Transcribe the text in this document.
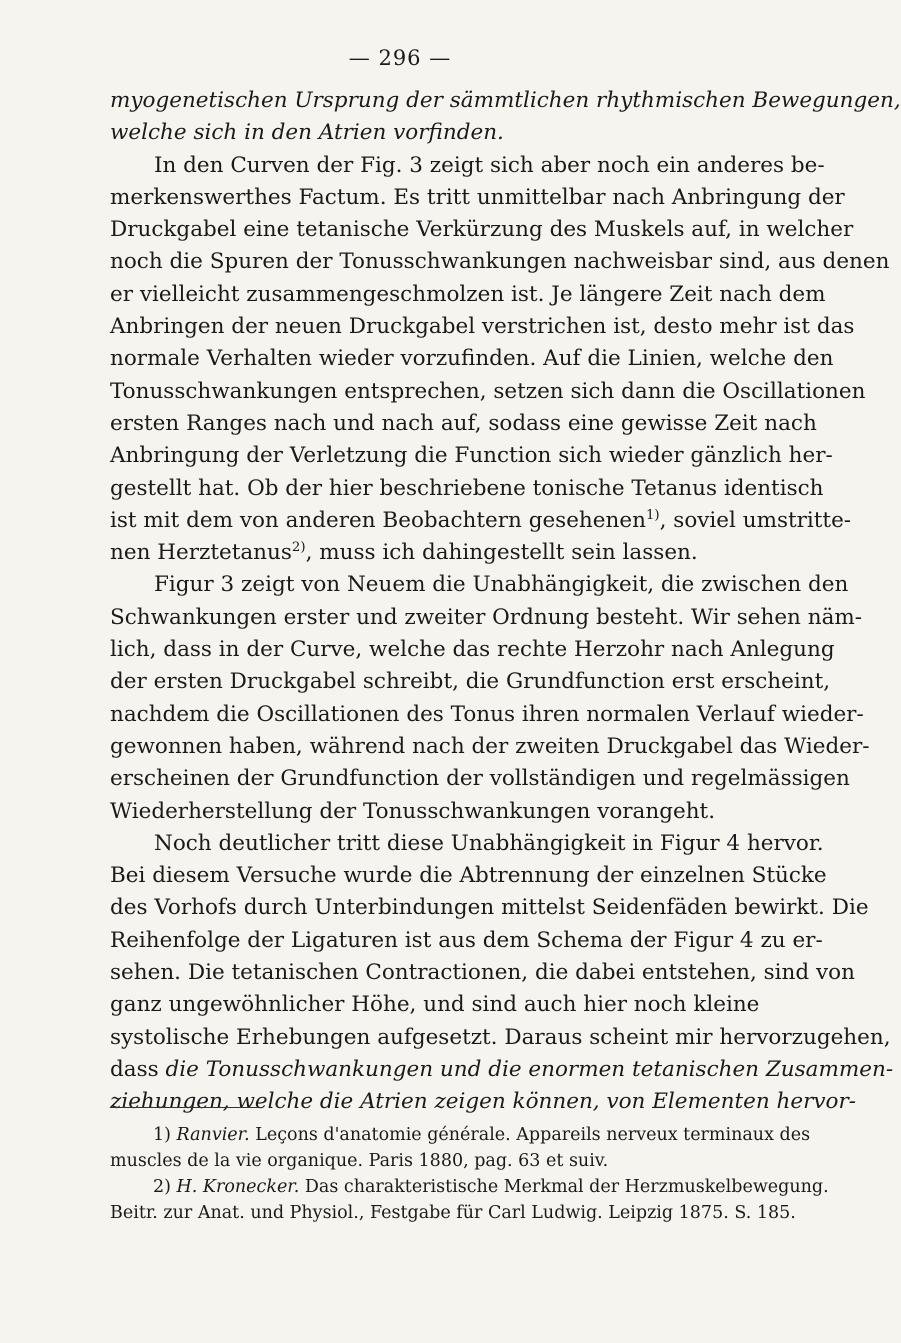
— 296 —
myogenetischen Ursprung der sämmtlichen rhythmischen Bewegungen,
welche sich in den Atrien vorfinden.
In den Curven der Fig. 3 zeigt sich aber noch ein anderes be-
merkenswerthes Factum. Es tritt unmittelbar nach Anbringung der
Druckgabel eine tetanische Verkürzung des Muskels auf, in welcher
noch die Spuren der Tonusschwankungen nachweisbar sind, aus denen
er vielleicht zusammengeschmolzen ist. Je längere Zeit nach dem
Anbringen der neuen Druckgabel verstrichen ist, desto mehr ist das
normale Verhalten wieder vorzufinden. Auf die Linien, welche den
Tonusschwankungen entsprechen, setzen sich dann die Oscillationen
ersten Ranges nach und nach auf, sodass eine gewisse Zeit nach
Anbringung der Verletzung die Function sich wieder gänzlich her-
gestellt hat. Ob der hier beschriebene tonische Tetanus identisch
ist mit dem von anderen Beobachtern gesehenen$^{1)}$, soviel umstritte-
nen Herztetanus$^{2)}$, muss ich dahingestellt sein lassen.
Figur 3 zeigt von Neuem die Unabhängigkeit, die zwischen den
Schwankungen erster und zweiter Ordnung besteht. Wir sehen näm-
lich, dass in der Curve, welche das rechte Herzohr nach Anlegung
der ersten Druckgabel schreibt, die Grundfunction erst erscheint,
nachdem die Oscillationen des Tonus ihren normalen Verlauf wieder-
gewonnen haben, während nach der zweiten Druckgabel das Wieder-
erscheinen der Grundfunction der vollständigen und regelmässigen
Wiederherstellung der Tonusschwankungen vorangeht.
Noch deutlicher tritt diese Unabhängigkeit in Figur 4 hervor.
Bei diesem Versuche wurde die Abtrennung der einzelnen Stücke
des Vorhofs durch Unterbindungen mittelst Seidenfäden bewirkt. Die
Reihenfolge der Ligaturen ist aus dem Schema der Figur 4 zu er-
sehen. Die tetanischen Contractionen, die dabei entstehen, sind von
ganz ungewöhnlicher Höhe, und sind auch hier noch kleine
systolische Erhebungen aufgesetzt. Daraus scheint mir hervorzugehen,
dass die Tonusschwankungen und die enormen tetanischen Zusammen-
ziehungen, welche die Atrien zeigen können, von Elementen hervor-
1) Ranvier. Leçons d'anatomie générale. Appareils nerveux terminaux des
muscles de la vie organique. Paris 1880, pag. 63 et suiv.
2) H. Kronecker. Das charakteristische Merkmal der Herzmuskelbewegung.
Beitr. zur Anat. und Physiol., Festgabe für Carl Ludwig. Leipzig 1875. S. 185.
